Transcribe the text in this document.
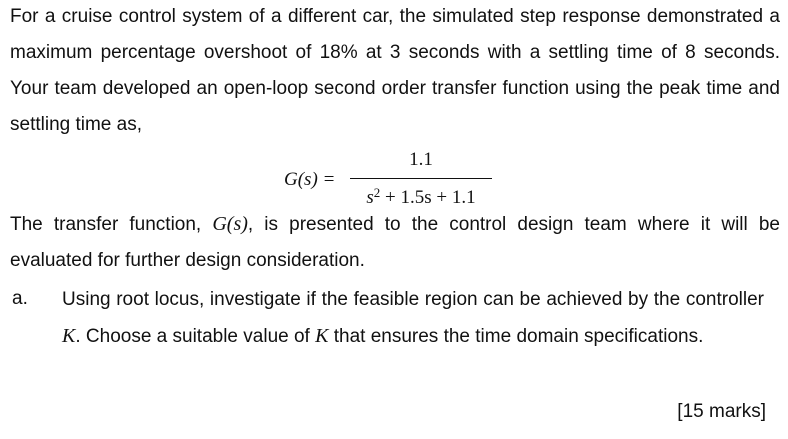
For a cruise control system of a different car, the simulated step response demonstrated a maximum percentage overshoot of 18% at 3 seconds with a settling time of 8 seconds. Your team developed an open-loop second order transfer function using the peak time and settling time as,

G(s) =
1.1
$s^2 + 1.5s + 1.1$

The transfer function, G(s), is presented to the control design team where it will be evaluated for further design consideration.

a. Using root locus, investigate if the feasible region can be achieved by the controller K. Choose a suitable value of K that ensures the time domain specifications.

[15 marks]
